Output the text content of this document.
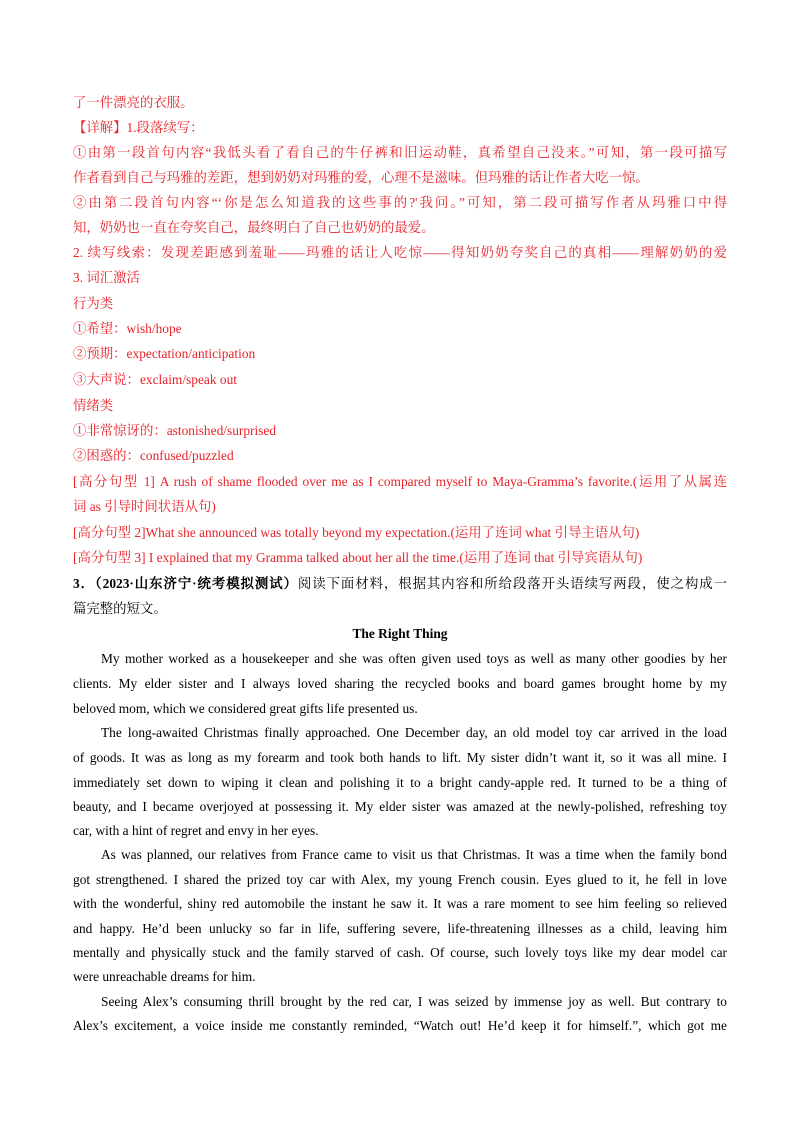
了一件漂亮的衣服。
【详解】1.段落续写：
①由第一段首句内容“我低头看了看自己的牛仔裤和旧运动鞋，真希望自己没来。”可知，第一段可描写
作者看到自己与玛雅的差距，想到奶奶对玛雅的爱，心理不是滋味。但玛雅的话让作者大吃一惊。
②由第二段首句内容“‘你是怎么知道我的这些事的?'我问。”可知，第二段可描写作者从玛雅口中得
知，奶奶也一直在夸奖自己，最终明白了自己也奶奶的最爱。
2. 续写线索：发现差距感到羞耻——玛雅的话让人吃惊——得知奶奶夸奖自己的真相——理解奶奶的爱
3. 词汇激活
行为类
①希望：wish/hope
②预期：expectation/anticipation
③大声说：exclaim/speak out
情绪类
①非常惊讶的：astonished/surprised
②困惑的：confused/puzzled
[高分句型 1] A rush of shame flooded over me as I compared myself to Maya-Gramma’s favorite.(运用了从属连
词 as 引导时间状语从句)
[高分句型 2]What she announced was totally beyond my expectation.(运用了连词 what 引导主语从句)
[高分句型 3] I explained that my Gramma talked about her all the time.(运用了连词 that 引导宾语从句)
3．（2023·山东济宁·统考模拟测试）阅读下面材料，根据其内容和所给段落开头语续写两段，使之构成一
篇完整的短文。
The Right Thing
My mother worked as a housekeeper and she was often given used toys as well as many other goodies by her
clients. My elder sister and I always loved sharing the recycled books and board games brought home by my
beloved mom, which we considered great gifts life presented us.
The long-awaited Christmas finally approached. One December day, an old model toy car arrived in the load
of goods. It was as long as my forearm and took both hands to lift. My sister didn’t want it, so it was all mine. I
immediately set down to wiping it clean and polishing it to a bright candy-apple red. It turned to be a thing of
beauty, and I became overjoyed at possessing it. My elder sister was amazed at the newly-polished, refreshing toy
car, with a hint of regret and envy in her eyes.
As was planned, our relatives from France came to visit us that Christmas. It was a time when the family bond
got strengthened. I shared the prized toy car with Alex, my young French cousin. Eyes glued to it, he fell in love
with the wonderful, shiny red automobile the instant he saw it. It was a rare moment to see him feeling so relieved
and happy. He’d been unlucky so far in life, suffering severe, life-threatening illnesses as a child, leaving him
mentally and physically stuck and the family starved of cash. Of course, such lovely toys like my dear model car
were unreachable dreams for him.
Seeing Alex’s consuming thrill brought by the red car, I was seized by immense joy as well. But contrary to
Alex’s excitement, a voice inside me constantly reminded, “Watch out! He’d keep it for himself.”, which got me
